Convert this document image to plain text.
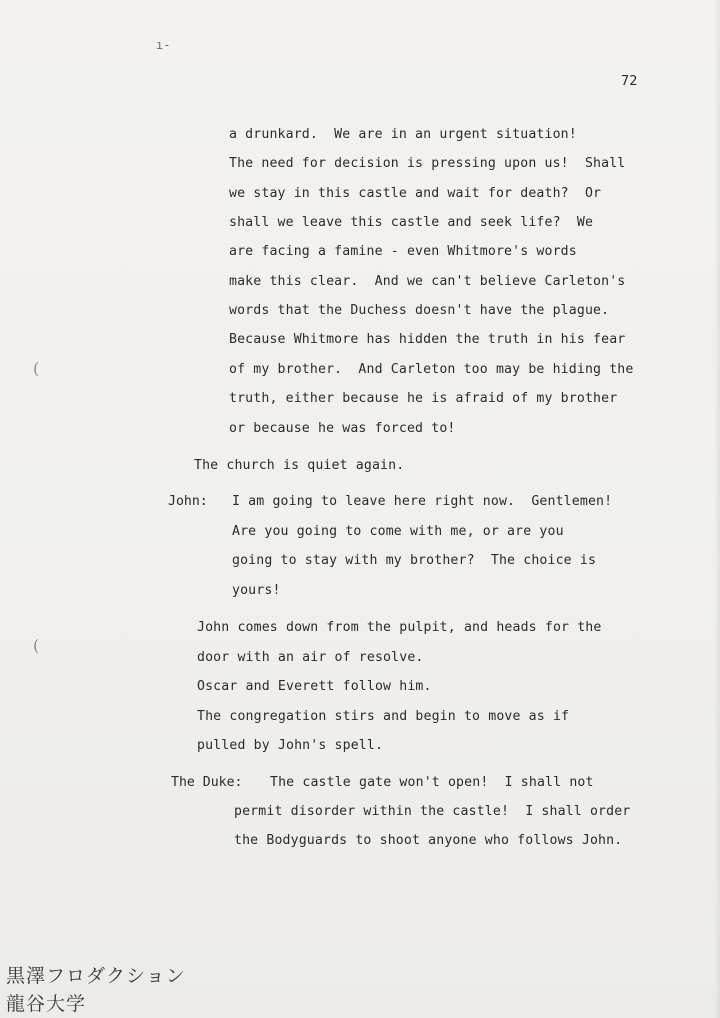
ı-
72
(
(
a drunkard.  We are in an urgent situation!
The need for decision is pressing upon us!  Shall
we stay in this castle and wait for death?  Or
shall we leave this castle and seek life?  We
are facing a famine - even Whitmore's words
make this clear.  And we can't believe Carleton's
words that the Duchess doesn't have the plague.
Because Whitmore has hidden the truth in his fear
of my brother.  And Carleton too may be hiding the
truth, either because he is afraid of my brother
or because he was forced to!
The church is quiet again.
John: I am going to leave here right now.  Gentlemen!
Are you going to come with me, or are you
going to stay with my brother?  The choice is
yours!
John comes down from the pulpit, and heads for the
door with an air of resolve.
Oscar and Everett follow him.
The congregation stirs and begin to move as if
pulled by John's spell.
The Duke: The castle gate won't open!  I shall not
permit disorder within the castle!  I shall order
the Bodyguards to shoot anyone who follows John.
黒澤フロダクション
龍谷大学
